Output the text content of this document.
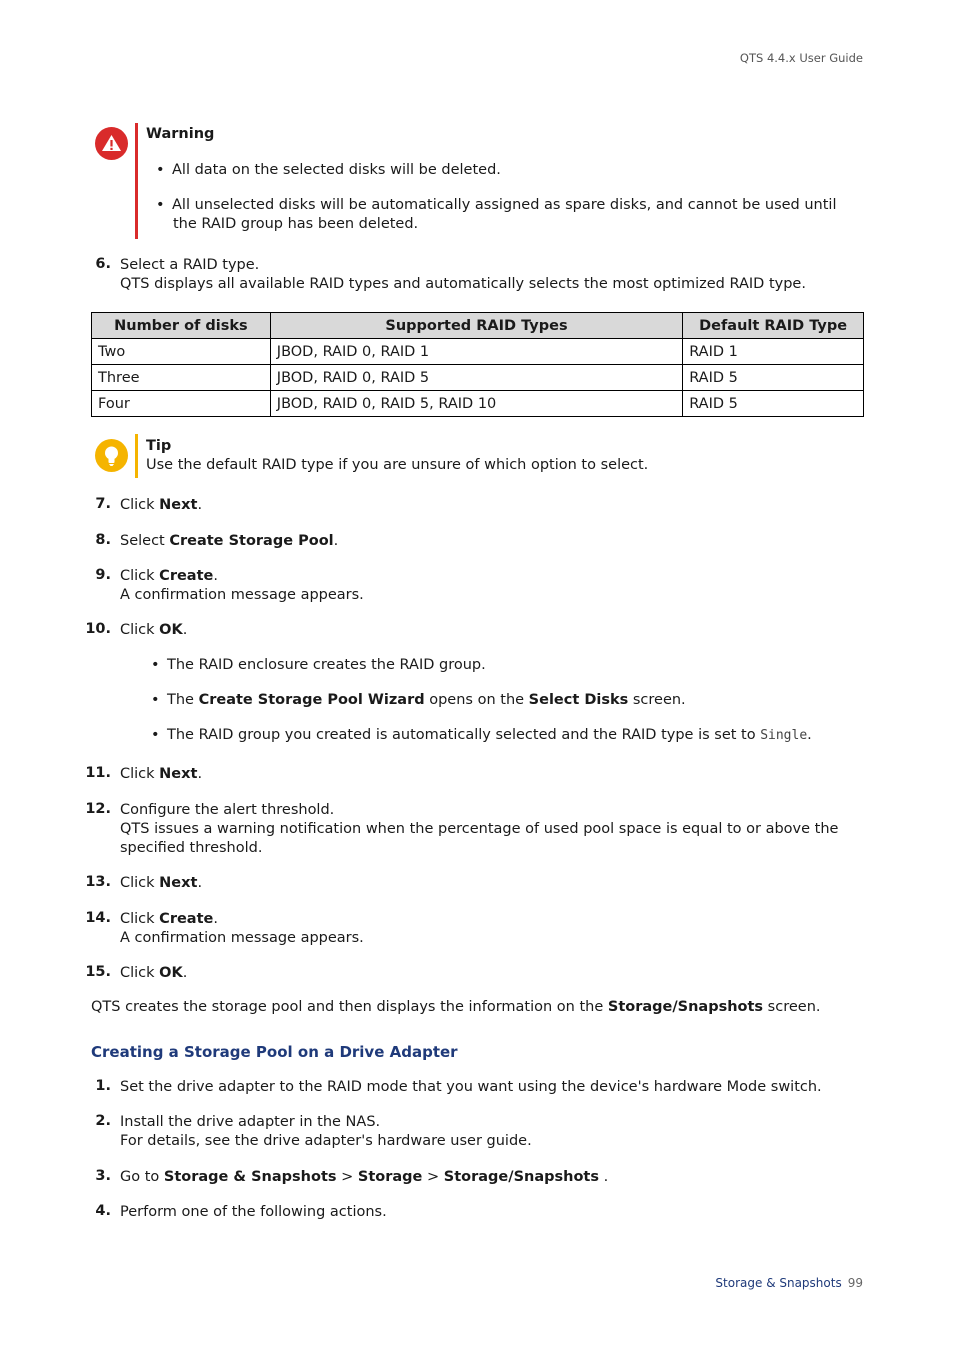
QTS 4.4.x User Guide
Warning
• All data on the selected disks will be deleted.
• All unselected disks will be automatically assigned as spare disks, and cannot be used until
the RAID group has been deleted.
6. Select a RAID type.
QTS displays all available RAID types and automatically selects the most optimized RAID type.
Number of disks	Supported RAID Types	Default RAID Type
Two	JBOD, RAID 0, RAID 1	RAID 1
Three	JBOD, RAID 0, RAID 5	RAID 5
Four	JBOD, RAID 0, RAID 5, RAID 10	RAID 5
Tip
Use the default RAID type if you are unsure of which option to select.
7. Click Next.
8. Select Create Storage Pool.
9. Click Create.
A confirmation message appears.
10. Click OK.
• The RAID enclosure creates the RAID group.
• The Create Storage Pool Wizard opens on the Select Disks screen.
• The RAID group you created is automatically selected and the RAID type is set to Single.
11. Click Next.
12. Configure the alert threshold.
QTS issues a warning notification when the percentage of used pool space is equal to or above the
specified threshold.
13. Click Next.
14. Click Create.
A confirmation message appears.
15. Click OK.
QTS creates the storage pool and then displays the information on the Storage/Snapshots screen.
Creating a Storage Pool on a Drive Adapter
1. Set the drive adapter to the RAID mode that you want using the device's hardware Mode switch.
2. Install the drive adapter in the NAS.
For details, see the drive adapter's hardware user guide.
3. Go to Storage & Snapshots > Storage > Storage/Snapshots .
4. Perform one of the following actions.
Storage & Snapshots 99
